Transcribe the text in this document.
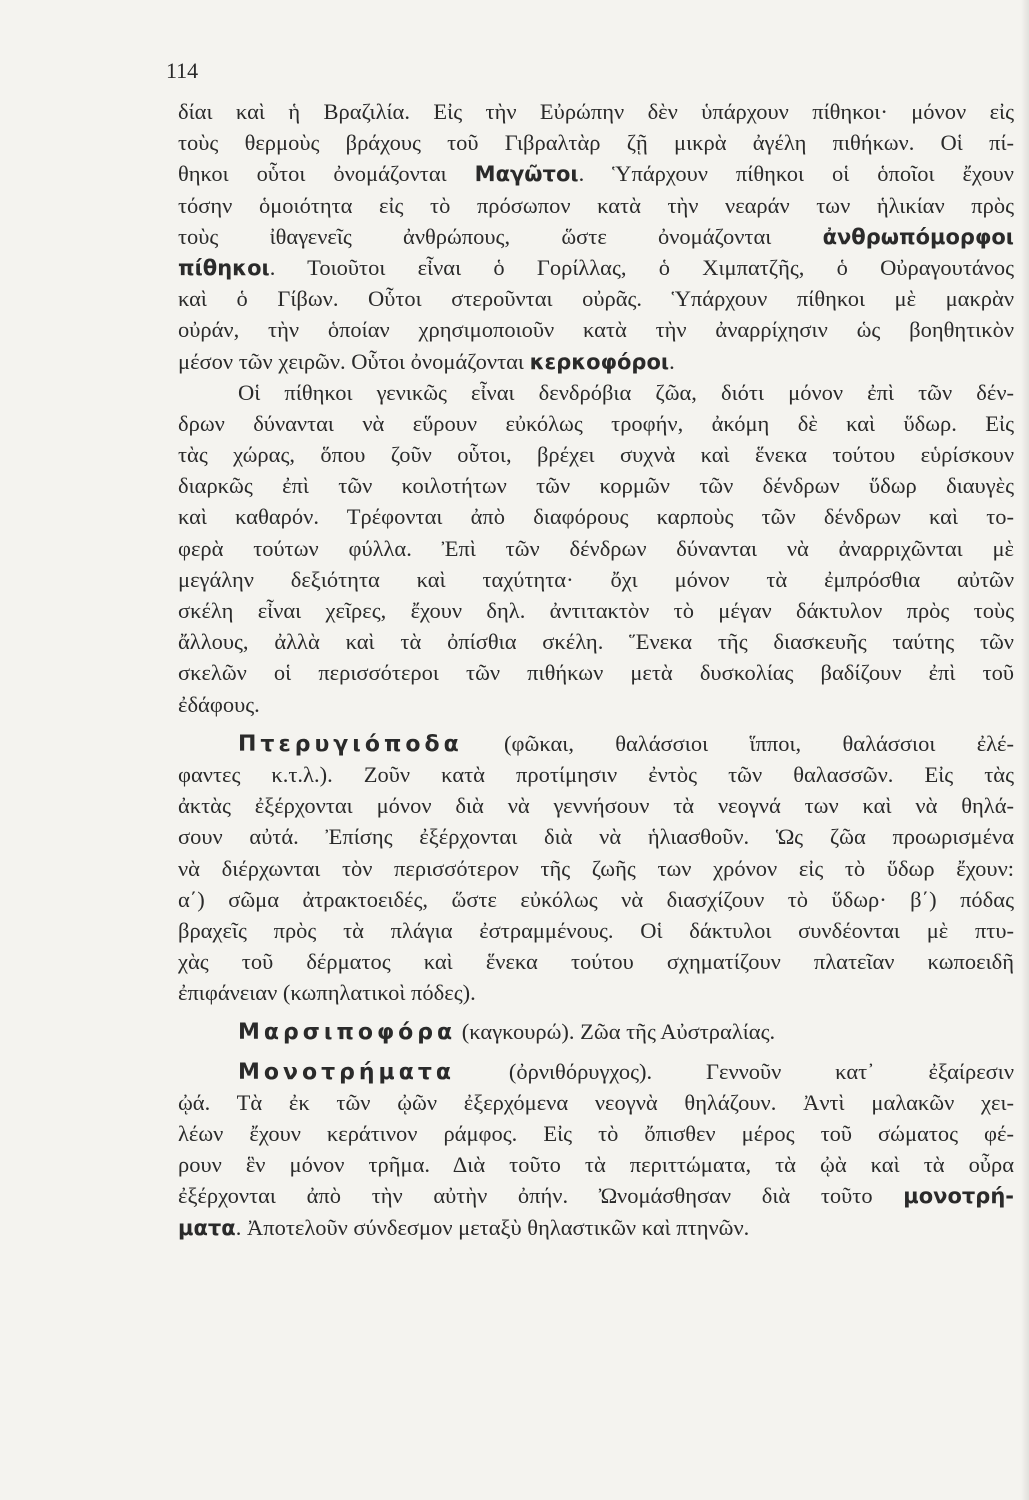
114
δίαι καὶ ἡ Βραζιλία. Εἰς τὴν Εὐρώπην δὲν ὑπάρχουν πίθηκοι· μόνον εἰς
τοὺς θερμοὺς βράχους τοῦ Γιβραλτὰρ ζῇ μικρὰ ἀγέλη πιθήκων. Οἱ πί-
θηκοι οὗτοι ὀνομάζονται Μαγῶτοι. Ὑπάρχουν πίθηκοι οἱ ὁποῖοι ἔχουν
τόσην ὁμοιότητα εἰς τὸ πρόσωπον κατὰ τὴν νεαράν των ἡλικίαν πρὸς
τοὺς ἰθαγενεῖς ἀνθρώπους, ὥστε ὀνομάζονται ἀνθρωπόμορφοι
πίθηκοι. Τοιοῦτοι εἶναι ὁ Γορίλλας, ὁ Χιμπατζῆς, ὁ Οὐραγουτάνος
καὶ ὁ Γίβων. Οὗτοι στεροῦνται οὐρᾶς. Ὑπάρχουν πίθηκοι μὲ μακρὰν
οὐράν, τὴν ὁποίαν χρησιμοποιοῦν κατὰ τὴν ἀναρρίχησιν ὡς βοηθητικὸν
μέσον τῶν χειρῶν. Οὗτοι ὀνομάζονται κερκοφόροι.
Οἱ πίθηκοι γενικῶς εἶναι δενδρόβια ζῶα, διότι μόνον ἐπὶ τῶν δέν-
δρων δύνανται νὰ εὕρουν εὐκόλως τροφήν, ἀκόμη δὲ καὶ ὕδωρ. Εἰς
τὰς χώρας, ὅπου ζοῦν οὗτοι, βρέχει συχνὰ καὶ ἕνεκα τούτου εὑρίσκουν
διαρκῶς ἐπὶ τῶν κοιλοτήτων τῶν κορμῶν τῶν δένδρων ὕδωρ διαυγὲς
καὶ καθαρόν. Τρέφονται ἀπὸ διαφόρους καρποὺς τῶν δένδρων καὶ το-
φερὰ τούτων φύλλα. Ἐπὶ τῶν δένδρων δύνανται νὰ ἀναρριχῶνται μὲ
μεγάλην δεξιότητα καὶ ταχύτητα· ὄχι μόνον τὰ ἐμπρόσθια αὐτῶν
σκέλη εἶναι χεῖρες, ἔχουν δηλ. ἀντιτακτὸν τὸ μέγαν δάκτυλον πρὸς τοὺς
ἄλλους, ἀλλὰ καὶ τὰ ὀπίσθια σκέλη. Ἕνεκα τῆς διασκευῆς ταύτης τῶν
σκελῶν οἱ περισσότεροι τῶν πιθήκων μετὰ δυσκολίας βαδίζουν ἐπὶ τοῦ
ἐδάφους.
Πτερυγιόποδα (φῶκαι, θαλάσσιοι ἵπποι, θαλάσσιοι ἐλέ-
φαντες κ.τ.λ.). Ζοῦν κατὰ προτίμησιν ἐντὸς τῶν θαλασσῶν. Εἰς τὰς
ἀκτὰς ἐξέρχονται μόνον διὰ νὰ γεννήσουν τὰ νεογνά των καὶ νὰ θηλά-
σουν αὐτά. Ἐπίσης ἐξέρχονται διὰ νὰ ἡλιασθοῦν. Ὡς ζῶα προωρισμένα
νὰ διέρχωνται τὸν περισσότερον τῆς ζωῆς των χρόνον εἰς τὸ ὕδωρ ἔχουν:
α΄) σῶμα ἀτρακτοειδές, ὥστε εὐκόλως νὰ διασχίζουν τὸ ὕδωρ· β΄) πόδας
βραχεῖς πρὸς τὰ πλάγια ἐστραμμένους. Οἱ δάκτυλοι συνδέονται μὲ πτυ-
χὰς τοῦ δέρματος καὶ ἕνεκα τούτου σχηματίζουν πλατεῖαν κωποειδῆ
ἐπιφάνειαν (κωπηλατικοὶ πόδες).
Μαρσιποφόρα (καγκουρώ). Ζῶα τῆς Αὐστραλίας.
Μονοτρήματα (ὀρνιθόρυγχος). Γεννοῦν κατ᾿ ἐξαίρεσιν
ᾠά. Τὰ ἐκ τῶν ᾠῶν ἐξερχόμενα νεογνὰ θηλάζουν. Ἀντὶ μαλακῶν χει-
λέων ἔχουν κεράτινον ράμφος. Εἰς τὸ ὄπισθεν μέρος τοῦ σώματος φέ-
ρουν ἓν μόνον τρῆμα. Διὰ τοῦτο τὰ περιττώματα, τὰ ᾠὰ καὶ τὰ οὖρα
ἐξέρχονται ἀπὸ τὴν αὐτὴν ὀπήν. Ὠνομάσθησαν διὰ τοῦτο μονοτρή-
ματα. Ἀποτελοῦν σύνδεσμον μεταξὺ θηλαστικῶν καὶ πτηνῶν.
